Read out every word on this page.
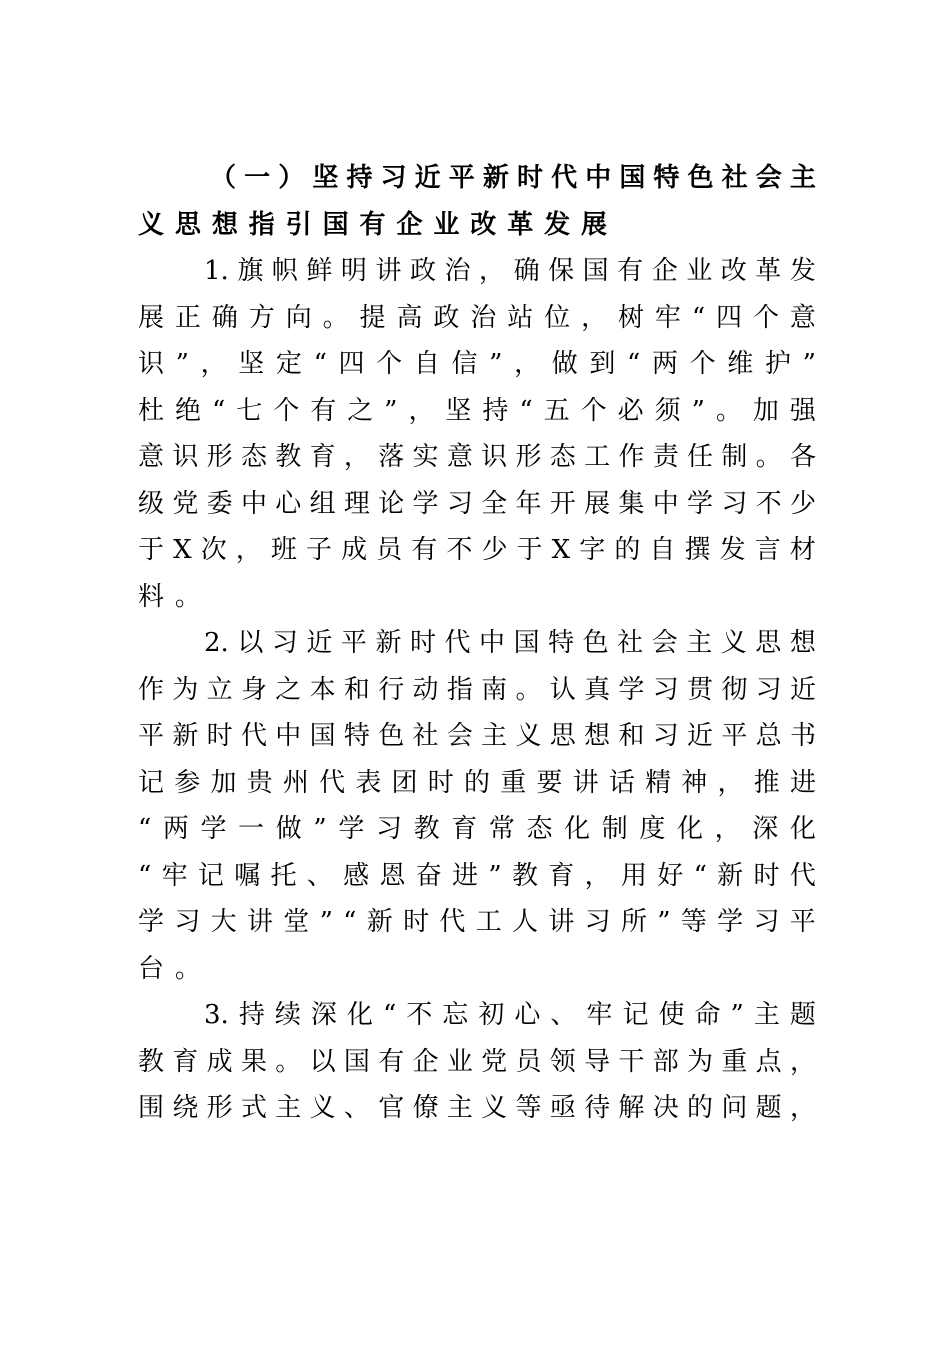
（ 一 ） 坚 持 习 近 平 新 时 代 中 国 特 色 社 会 主
义思想指引国有企业改革发展
1. 旗 帜 鲜 明 讲 政 治 ， 确 保 国 有 企 业 改 革 发
展 正 确 方 向 。 提 高 政 治 站 位 ， 树 牢 “ 四 个 意
识 ” ， 坚 定 “ 四 个 自 信 ” ， 做 到 “ 两 个 维 护 ”
杜 绝 “ 七 个 有 之 ” ， 坚 持 “ 五 个 必 须 ” 。 加 强
意 识 形 态 教 育 ， 落 实 意 识 形 态 工 作 责 任 制 。 各
级 党 委 中 心 组 理 论 学 习 全 年 开 展 集 中 学 习 不 少
于 X 次 ， 班 子 成 员 有 不 少 于 X 字 的 自 撰 发 言 材
料。
2. 以 习 近 平 新 时 代 中 国 特 色 社 会 主 义 思 想
作 为 立 身 之 本 和 行 动 指 南 。 认 真 学 习 贯 彻 习 近
平 新 时 代 中 国 特 色 社 会 主 义 思 想 和 习 近 平 总 书
记 参 加 贵 州 代 表 团 时 的 重 要 讲 话 精 神 ， 推 进
“ 两 学 一 做 ” 学 习 教 育 常 态 化 制 度 化 ， 深 化
“ 牢 记 嘱 托 、 感 恩 奋 进 ” 教 育 ， 用 好 “ 新 时 代
学 习 大 讲 堂 ” “ 新 时 代 工 人 讲 习 所 ” 等 学 习 平
台。
3. 持 续 深 化 “ 不 忘 初 心 、 牢 记 使 命 ” 主 题
教 育 成 果 。 以 国 有 企 业 党 员 领 导 干 部 为 重 点 ，
围 绕 形 式 主 义 、 官 僚 主 义 等 亟 待 解 决 的 问 题 ，
